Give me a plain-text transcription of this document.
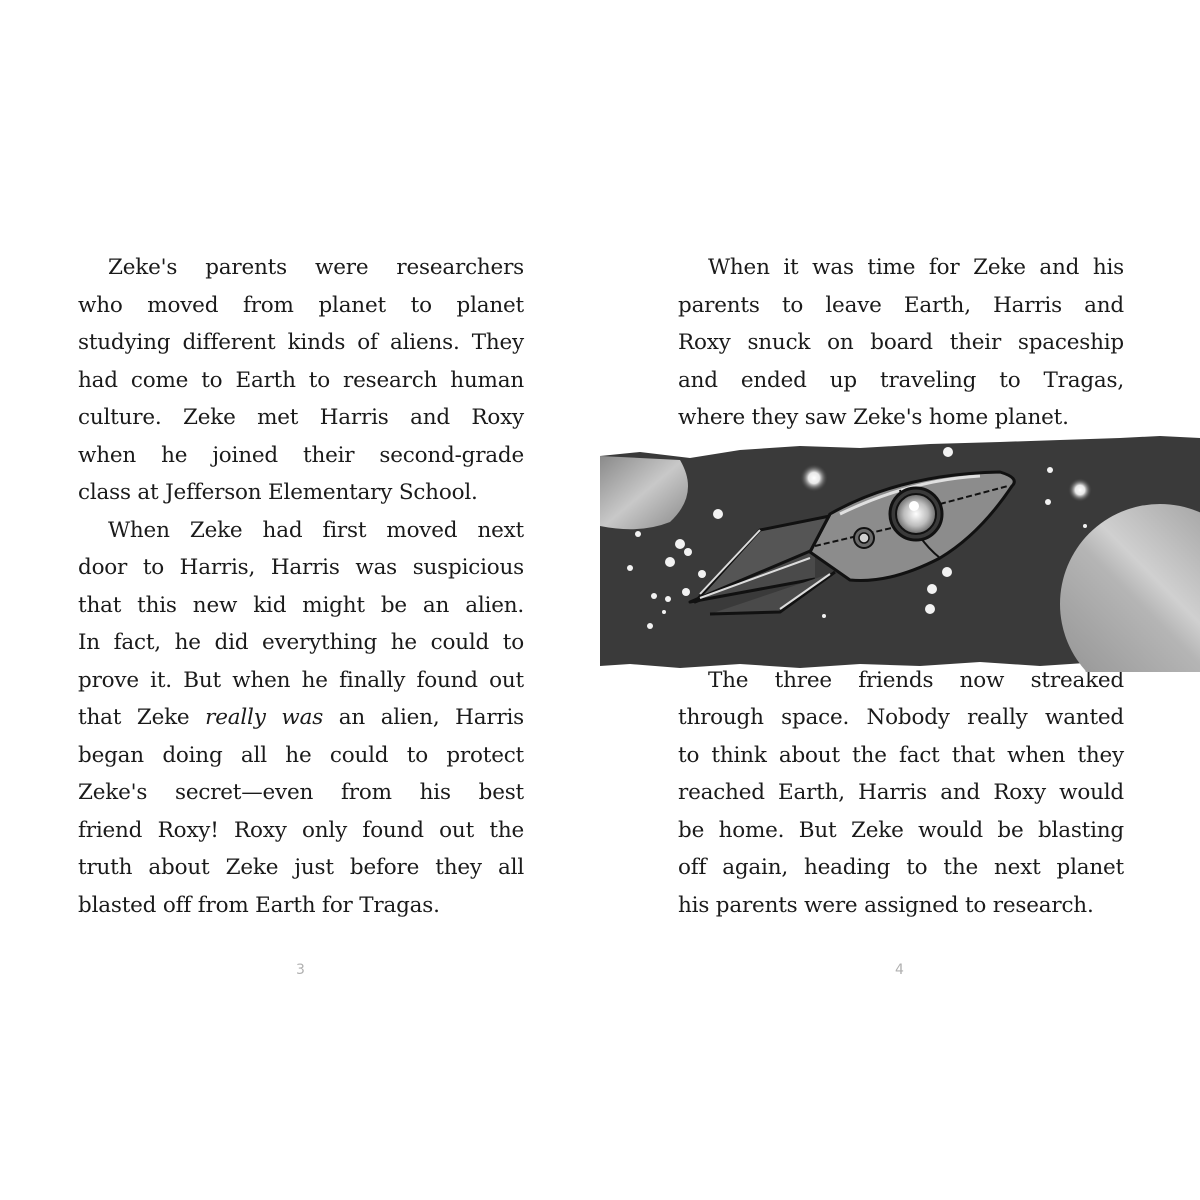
Zeke's parents were researchers
who moved from planet to planet
studying different kinds of aliens. They
had come to Earth to research human
culture. Zeke met Harris and Roxy
when he joined their second-grade
class at Jefferson Elementary School.
When Zeke had first moved next
door to Harris, Harris was suspicious
that this new kid might be an alien.
In fact, he did everything he could to
prove it. But when he finally found out
that Zeke really was an alien, Harris
began doing all he could to protect
Zeke's secret—even from his best
friend Roxy! Roxy only found out the
truth about Zeke just before they all
blasted off from Earth for Tragas.
3
When it was time for Zeke and his
parents to leave Earth, Harris and
Roxy snuck on board their spaceship
and ended up traveling to Tragas,
where they saw Zeke's home planet.
The three friends now streaked
through space. Nobody really wanted
to think about the fact that when they
reached Earth, Harris and Roxy would
be home. But Zeke would be blasting
off again, heading to the next planet
his parents were assigned to research.
4
